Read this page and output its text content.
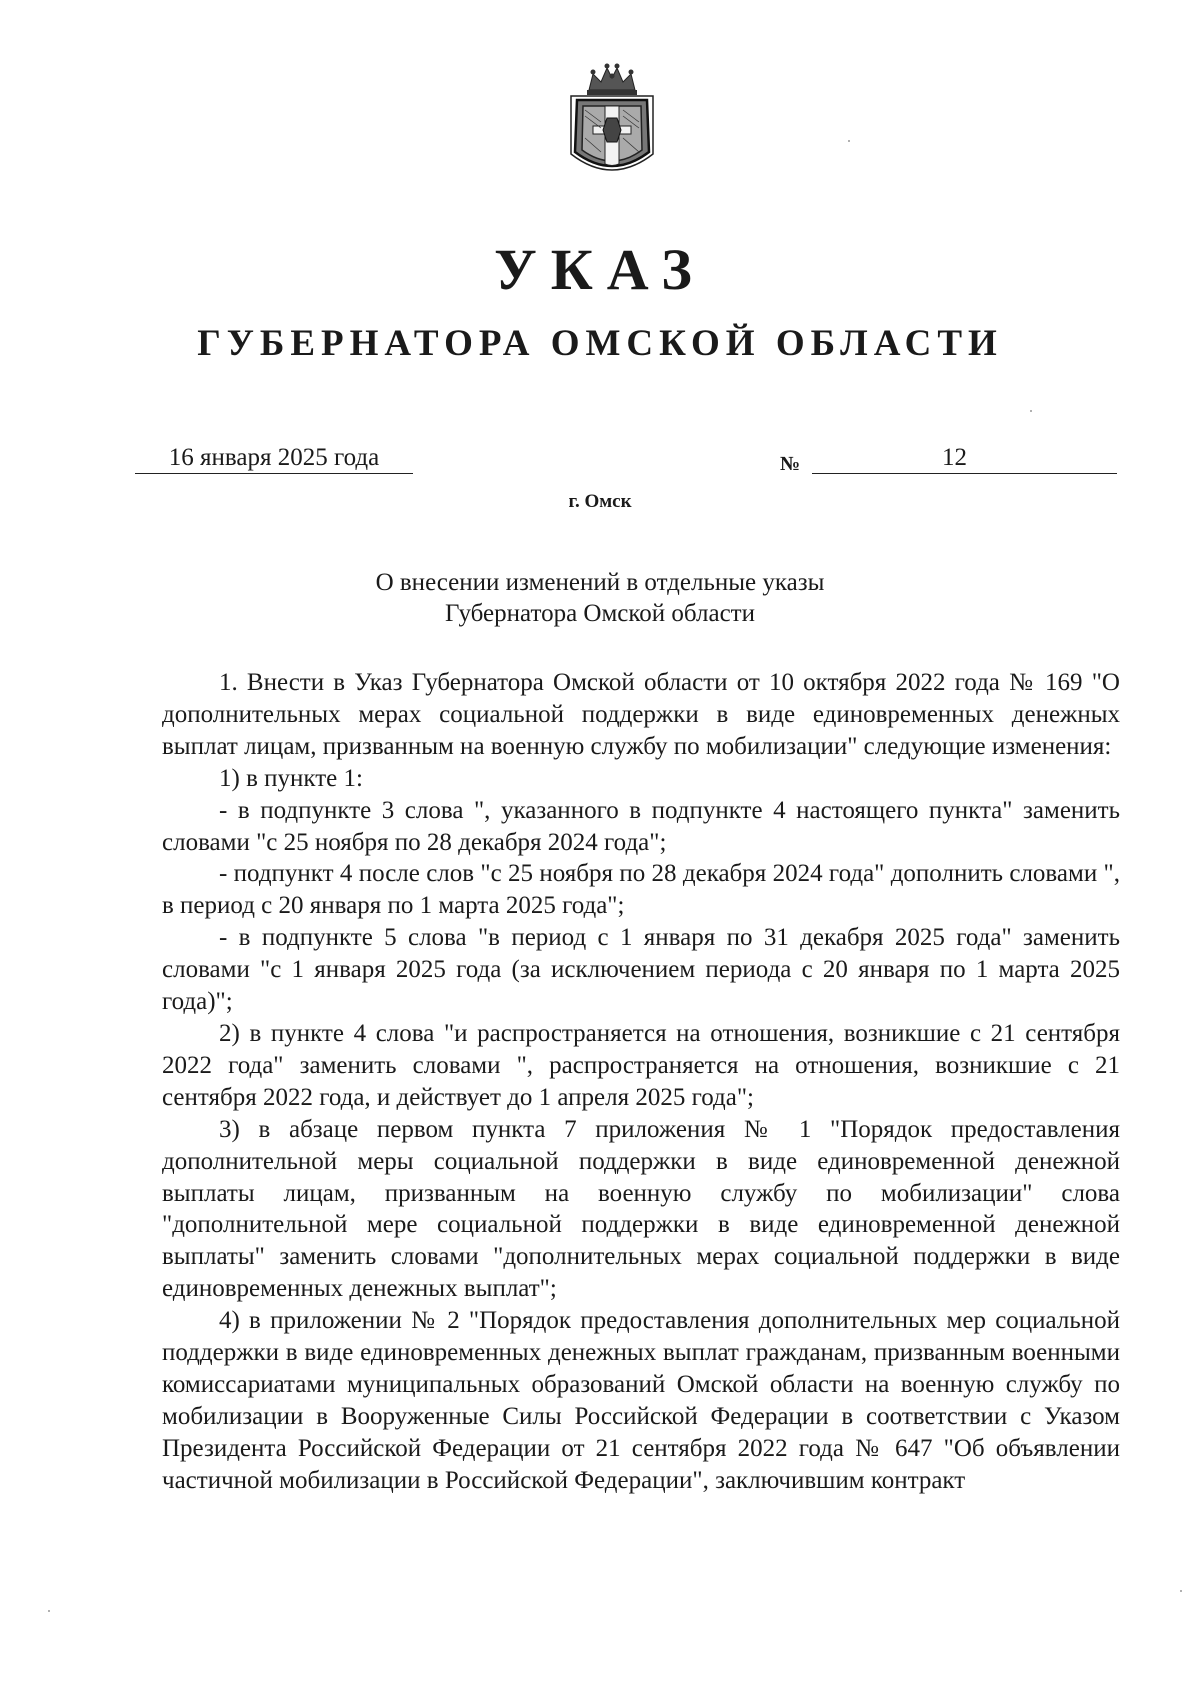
УКАЗ
ГУБЕРНАТОРА ОМСКОЙ ОБЛАСТИ
16 января 2025 года	№	12
г. Омск
О внесении изменений в отдельные указы
Губернатора Омской области

1. Внести в Указ Губернатора Омской области от 10 октября 2022 года № 169 "О дополнительных мерах социальной поддержки в виде единовременных денежных выплат лицам, призванным на военную службу по мобилизации" следующие изменения:

1) в пункте 1:

- в подпункте 3 слова ", указанного в подпункте 4 настоящего пункта" заменить словами "с 25 ноября по 28 декабря 2024 года";

- подпункт 4 после слов "с 25 ноября по 28 декабря 2024 года" дополнить словами ", в период с 20 января по 1 марта 2025 года";

- в подпункте 5 слова "в период с 1 января по 31 декабря 2025 года" заменить словами "с 1 января 2025 года (за исключением периода с 20 января по 1 марта 2025 года)";

2) в пункте 4 слова "и распространяется на отношения, возникшие с 21 сентября 2022 года" заменить словами ", распространяется на отношения, возникшие с 21 сентября 2022 года, и действует до 1 апреля 2025 года";

3) в абзаце первом пункта 7 приложения № 1 "Порядок предоставления дополнительной меры социальной поддержки в виде единовременной денежной выплаты лицам, призванным на военную службу по мобилизации" слова "дополнительной мере социальной поддержки в виде единовременной денежной выплаты" заменить словами "дополнительных мерах социальной поддержки в виде единовременных денежных выплат";

4) в приложении № 2 "Порядок предоставления дополнительных мер социальной поддержки в виде единовременных денежных выплат гражданам, призванным военными комиссариатами муниципальных образований Омской области на военную службу по мобилизации в Вооруженные Силы Российской Федерации в соответствии с Указом Президента Российской Федерации от 21 сентября 2022 года № 647 "Об объявлении частичной мобилизации в Российской Федерации", заключившим контракт
